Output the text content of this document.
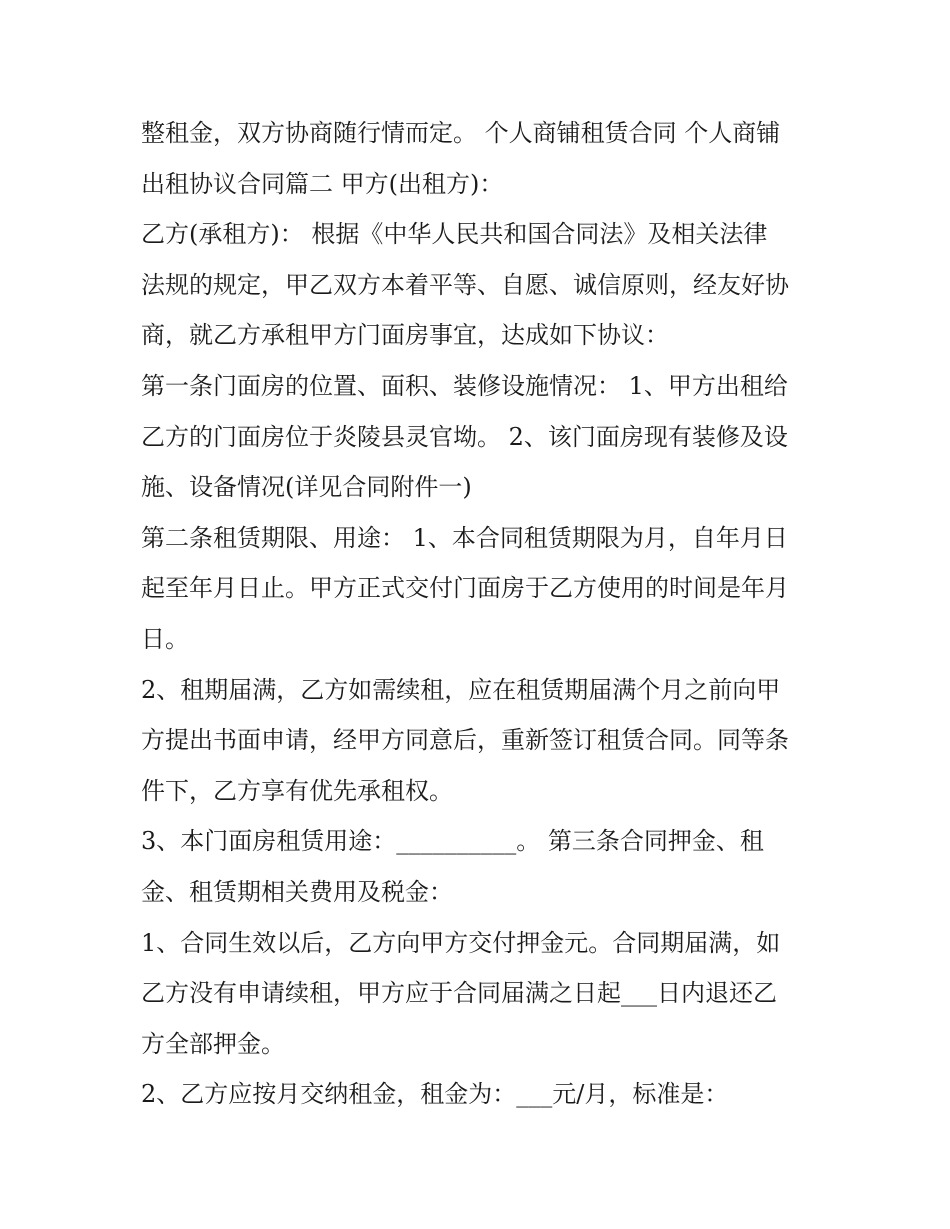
整租金，双方协商随行情而定。 个人商铺租赁合同 个人商铺
出租协议合同篇二 甲方(出租方)：
乙方(承租方)： 根据《中华人民共和国合同法》及相关法律
法规的规定，甲乙双方本着平等、自愿、诚信原则，经友好协
商，就乙方承租甲方门面房事宜，达成如下协议：
第一条门面房的位置、面积、装修设施情况： 1、甲方出租给
乙方的门面房位于炎陵县灵官坳。 2、该门面房现有装修及设
施、设备情况(详见合同附件一)
第二条租赁期限、用途： 1、本合同租赁期限为月，自年月日
起至年月日止。甲方正式交付门面房于乙方使用的时间是年月
日。
2、租期届满，乙方如需续租，应在租赁期届满个月之前向甲
方提出书面申请，经甲方同意后，重新签订租赁合同。同等条
件下，乙方享有优先承租权。
3、本门面房租赁用途：__________。 第三条合同押金、租
金、租赁期相关费用及税金：
1、合同生效以后，乙方向甲方交付押金元。合同期届满，如
乙方没有申请续租，甲方应于合同届满之日起___日内退还乙
方全部押金。
2、乙方应按月交纳租金，租金为：___元/月，标准是：
